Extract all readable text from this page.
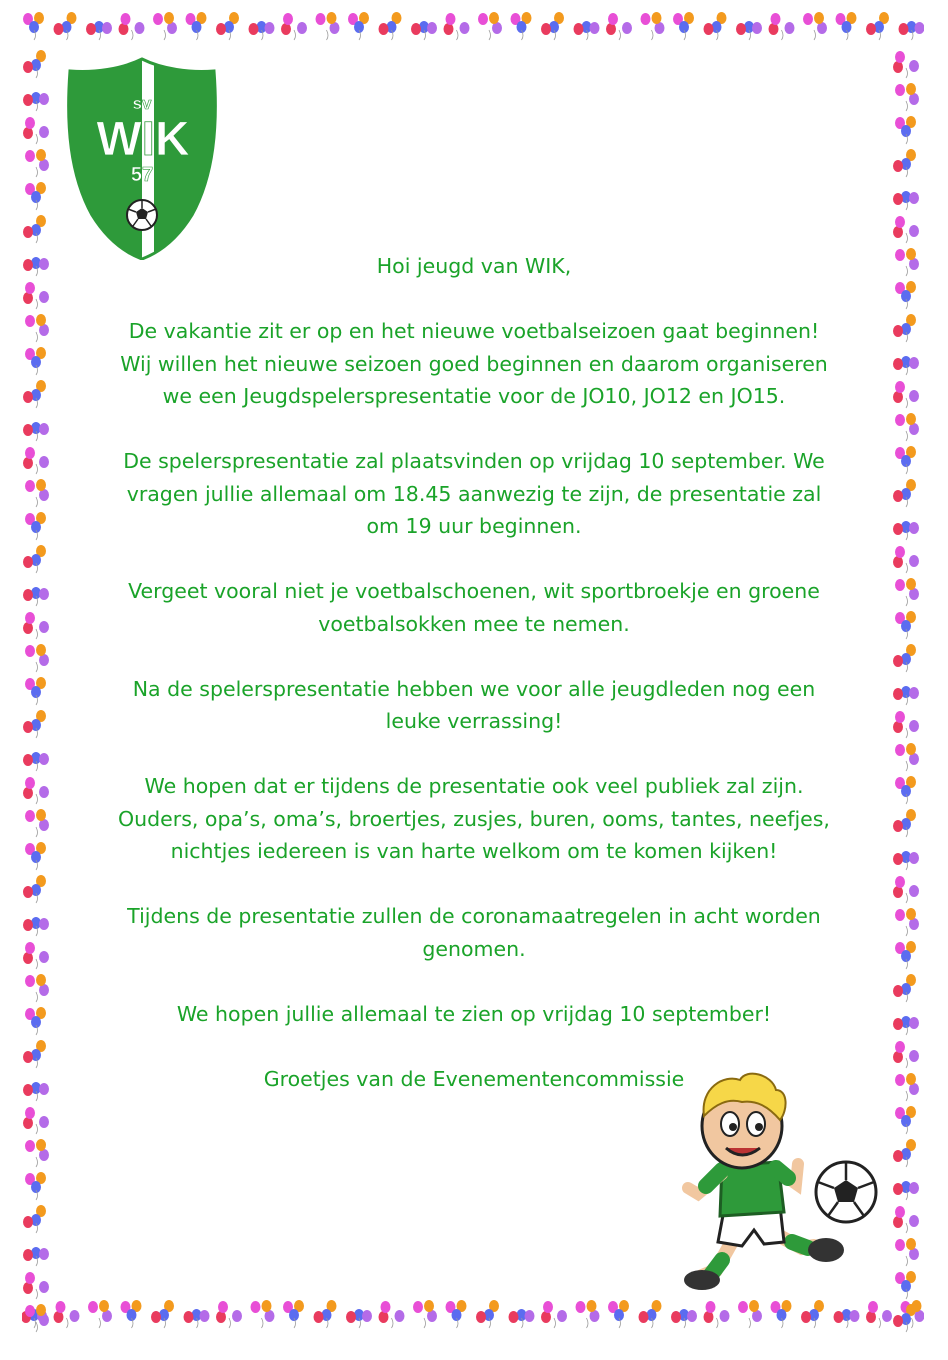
sv
WIK
57

Hoi jeugd van WIK,

De vakantie zit er op en het nieuwe voetbalseizoen gaat beginnen!
Wij willen het nieuwe seizoen goed beginnen en daarom organiseren
we een Jeugdspelerspresentatie voor de JO10, JO12 en JO15.

De spelerspresentatie zal plaatsvinden op vrijdag 10 september. We
vragen jullie allemaal om 18.45 aanwezig te zijn, de presentatie zal
om 19 uur beginnen.

Vergeet vooral niet je voetbalschoenen, wit sportbroekje en groene
voetbalsokken mee te nemen.

Na de spelerspresentatie hebben we voor alle jeugdleden nog een
leuke verrassing!

We hopen dat er tijdens de presentatie ook veel publiek zal zijn.
Ouders, opa’s, oma’s, broertjes, zusjes, buren, ooms, tantes, neefjes,
nichtjes iedereen is van harte welkom om te komen kijken!

Tijdens de presentatie zullen de coronamaatregelen in acht worden
genomen.

We hopen jullie allemaal te zien op vrijdag 10 september!

Groetjes van de Evenementencommissie
